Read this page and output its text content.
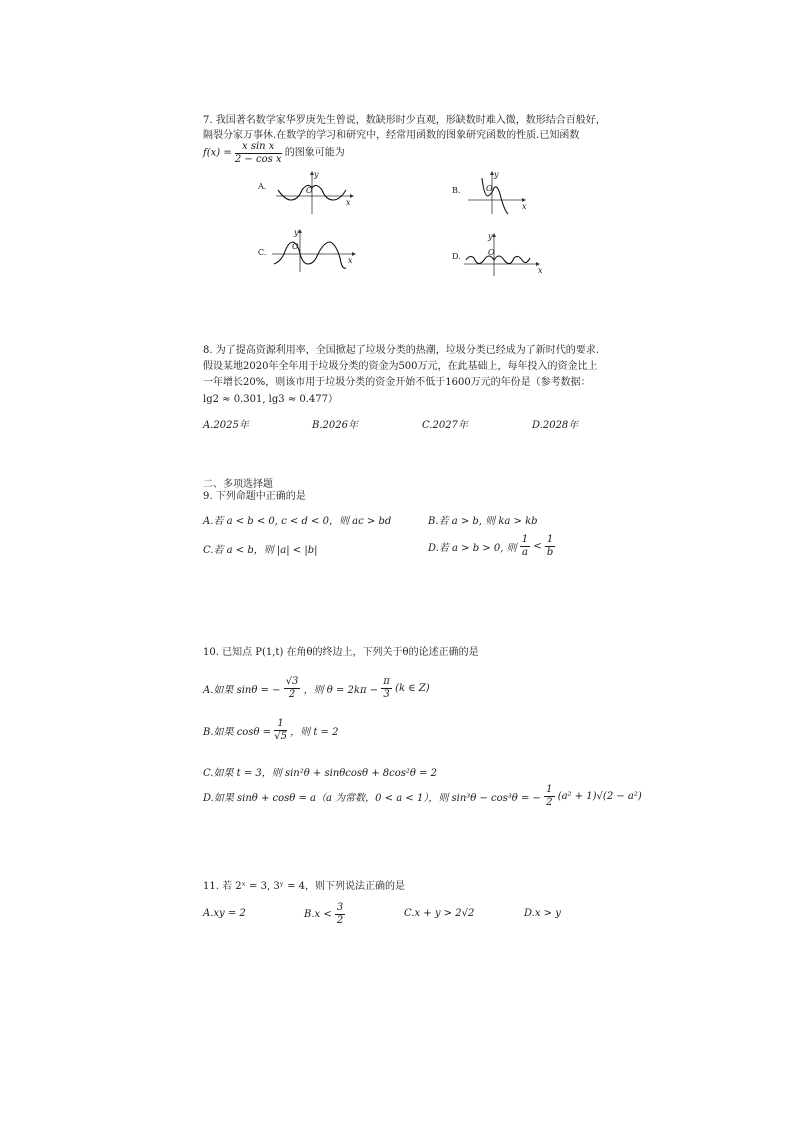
7. 我国著名数学家华罗庚先生曾说，数缺形时少直观，形缺数时难入微，数形结合百般好，
隔裂分家万事休.在数学的学习和研究中，经常用函数的图象研究函数的性质.已知函数
$f(x) = \frac{\text{x sin x}}{\text{2 − cos x}}$ 的图象可能为
A.
y
x
O	B.
y
x
O
C.
y
x
O
D.
y
x
O
8. 为了提高资源利用率，全国掀起了垃圾分类的热潮，垃圾分类已经成为了新时代的要求.
假设某地2020年全年用于垃圾分类的资金为500万元，在此基础上，每年投入的资金比上
一年增长20%，则该市用于垃圾分类的资金开始不低于1600万元的年份是（参考数据：
lg2 ≈ 0.301, lg3 ≈ 0.477）
A.2025年	B.2026年	C.2027年	D.2028年
二、多项选择题
9. 下列命题中正确的是
A.若 a < b < 0, c < d < 0，则 ac > bd	B.若 a > b, 则 ka > kb
C.若 a < b，则 |a| < |b|	D.若 a > b > 0, 则 $\frac{1}{a} < \frac{1}{b}$
10. 已知点 P(1,t) 在角θ的终边上，下列关于θ的论述正确的是
A.如果 sinθ = − $\frac{√3}{2}$ ，则 $\theta = 2k\pi - \frac{\pi}{3} (k$ ∈ Z)
B.如果 $\cos\theta = \frac{1}{√5}$ ，则 t = 2
C.如果 t = 3，则 sin²θ + sinθcosθ + 8cos²θ = 2
D.如果 sinθ + cosθ = a（a 为常数，0 < a < 1），则 sin³θ − cos³θ = − $\frac{1}{2} (a^2 + 1)√(2 - a^2)$
11. 若 2ˣ = 3, 3ʸ = 4，则下列说法正确的是
A.xy = 2	$B.x < \frac{3}{2}$	C.x + y > 2√2	D.x > y
